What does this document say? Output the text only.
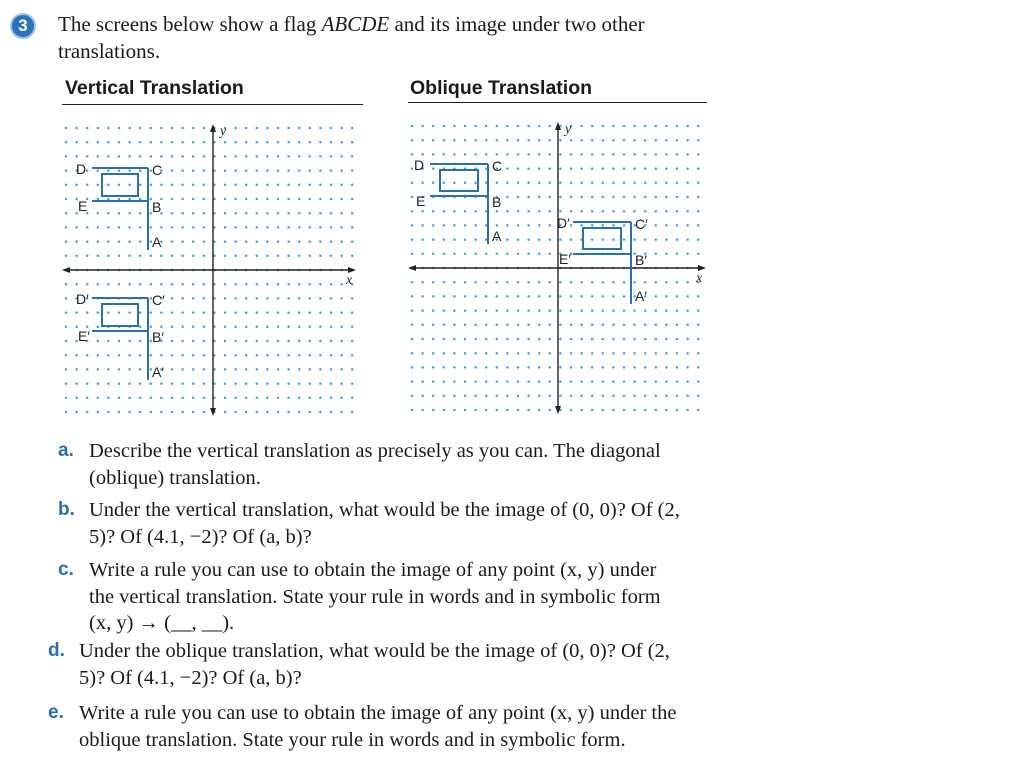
3	The screens below show a flag ABCDE and its image under two other translations.
Vertical Translation	Oblique Translation
y
x
A
B
C
D
E
A′
B′
C′
D′
E′
y
x
A
B
C
D
E
A′
B′
C′
D′
E′
a. Describe the vertical translation as precisely as you can. The diagonal (oblique) translation.
b. Under the vertical translation, what would be the image of (0, 0)? Of (2, 5)? Of (4.1, −2)? Of (a, b)?
c. Write a rule you can use to obtain the image of any point (x, y) under the vertical translation. State your rule in words and in symbolic form (x, y) → (__, __).
d. Under the oblique translation, what would be the image of (0, 0)? Of (2, 5)? Of (4.1, −2)? Of (a, b)?
e. Write a rule you can use to obtain the image of any point (x, y) under the oblique translation. State your rule in words and in symbolic form.
